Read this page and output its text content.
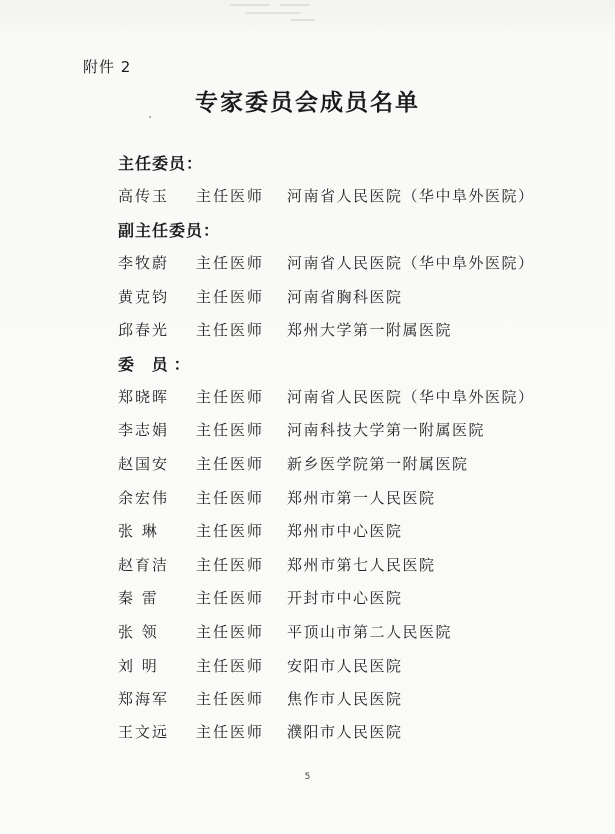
附件 2
专家委员会成员名单
主任委员：
高传玉 主任医师 河南省人民医院（华中阜外医院）
副主任委员：
李牧蔚 主任医师 河南省人民医院（华中阜外医院）
黄克钧 主任医师 河南省胸科医院
邱春光 主任医师 郑州大学第一附属医院
委 员：
郑晓晖 主任医师 河南省人民医院（华中阜外医院）
李志娟 主任医师 河南科技大学第一附属医院
赵国安 主任医师 新乡医学院第一附属医院
余宏伟 主任医师 郑州市第一人民医院
张 琳 主任医师 郑州市中心医院
赵育洁 主任医师 郑州市第七人民医院
秦 雷 主任医师 开封市中心医院
张 领 主任医师 平顶山市第二人民医院
刘 明 主任医师 安阳市人民医院
郑海军 主任医师 焦作市人民医院
王文远 主任医师 濮阳市人民医院
5
